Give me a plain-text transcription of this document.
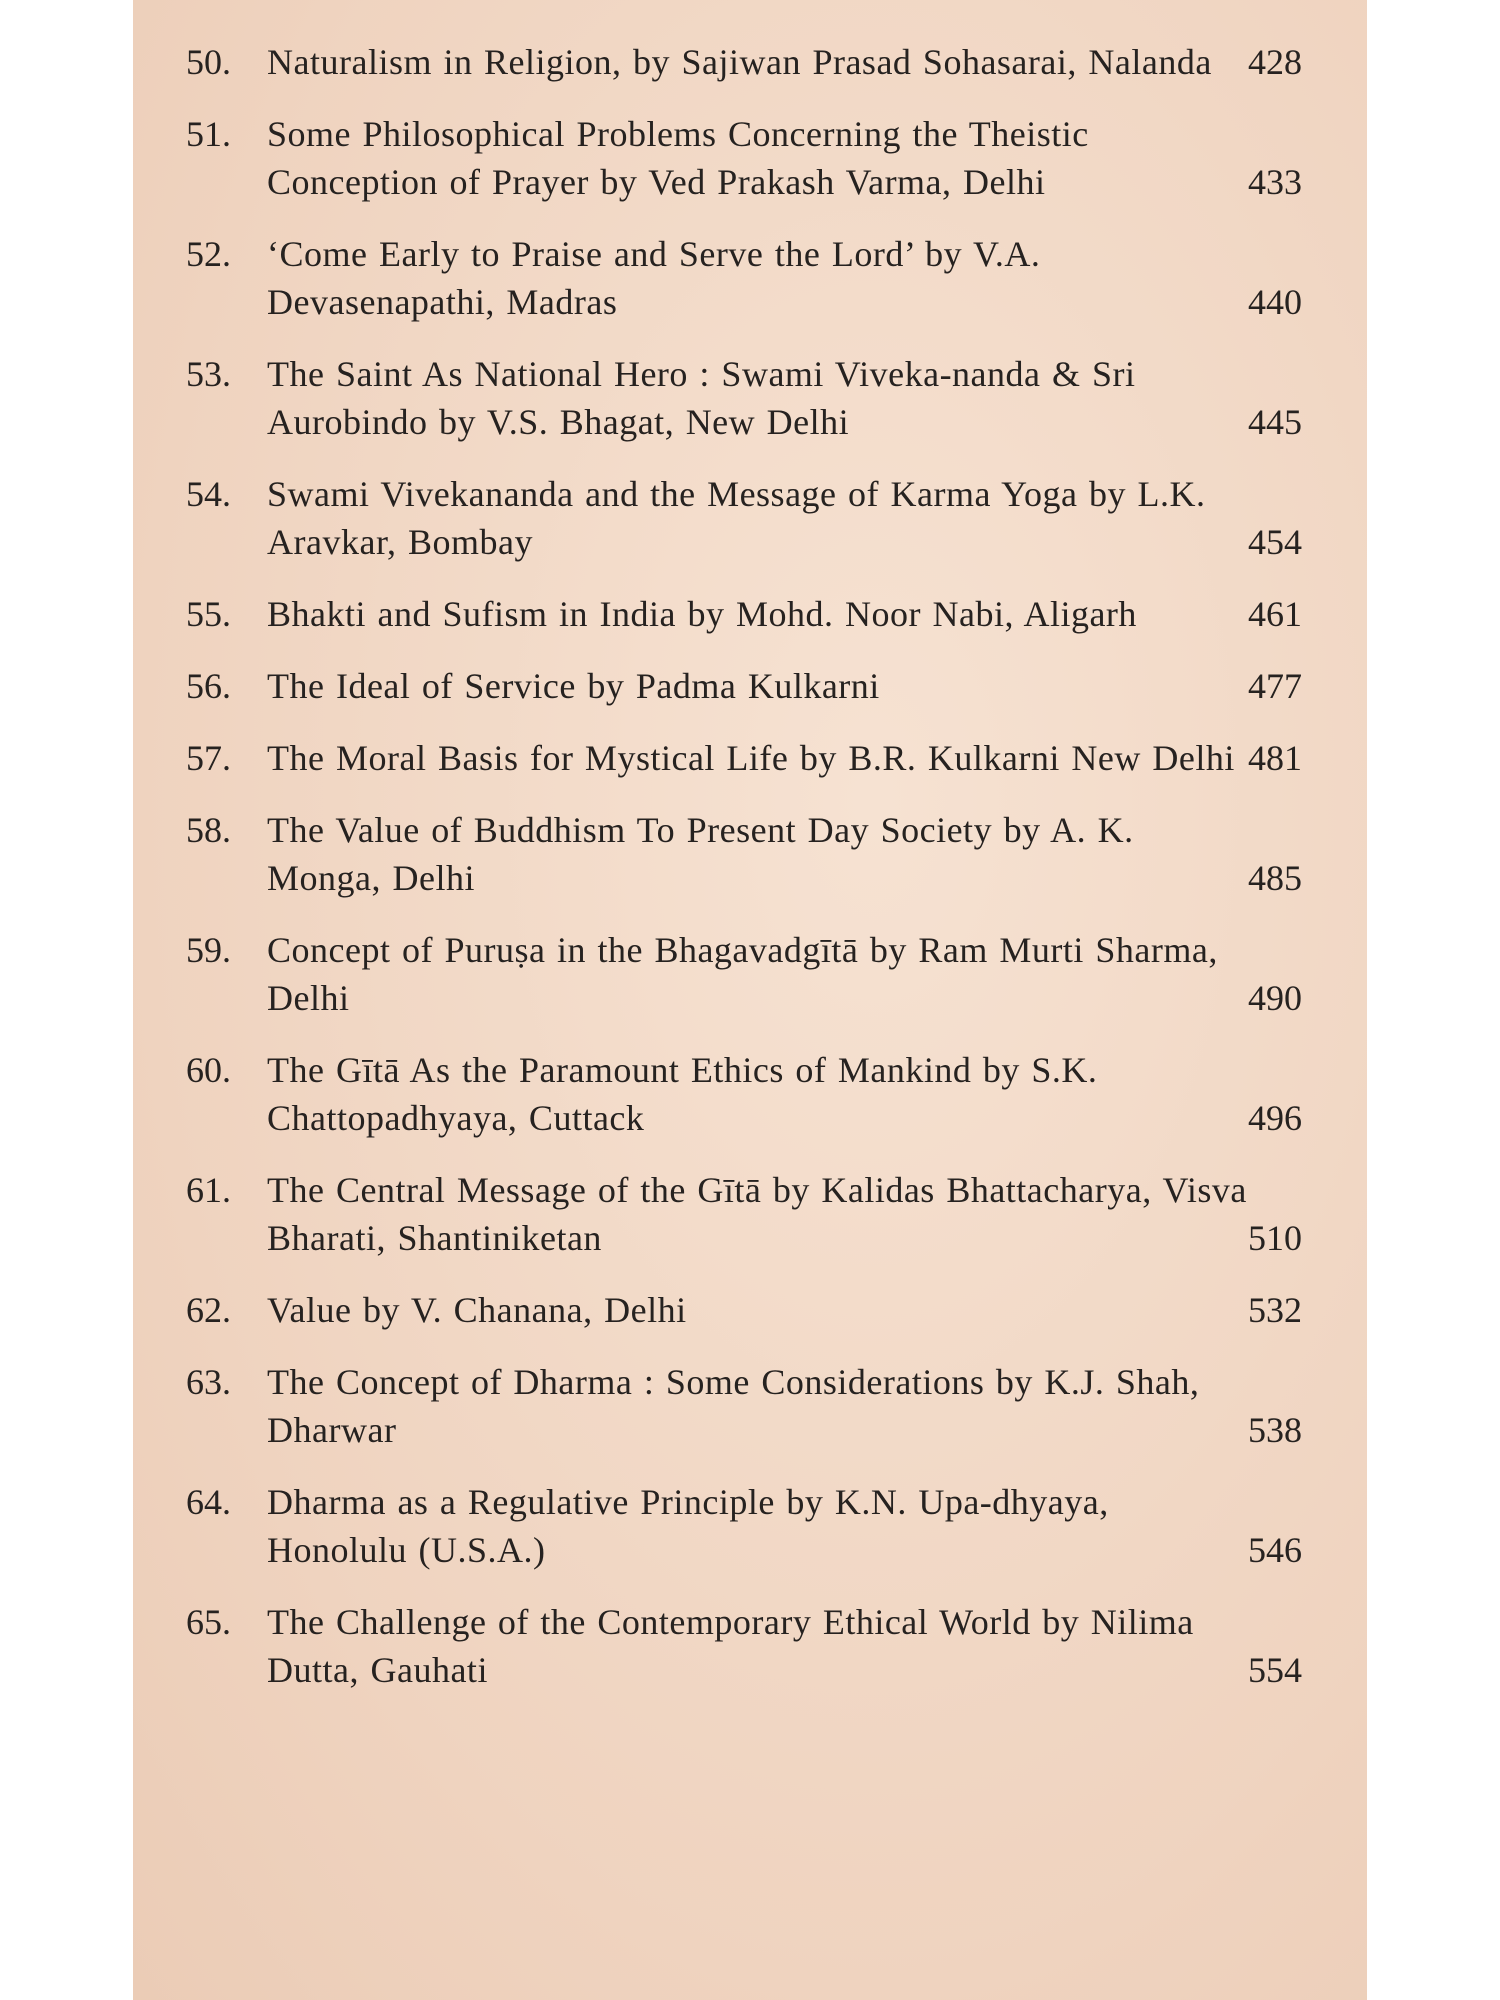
50.	Naturalism in Religion, by Sajiwan Prasad Sohasarai, Nalanda	428
51.	Some Philosophical Problems Concerning the Theistic Conception of Prayer by Ved Prakash Varma, Delhi	433
52.	‘Come Early to Praise and Serve the Lord’ by V.A. Devasenapathi, Madras	440
53.	The Saint As National Hero : Swami Viveka-nanda & Sri Aurobindo by V.S. Bhagat, New Delhi	445
54.	Swami Vivekananda and the Message of Karma Yoga by L.K. Aravkar, Bombay	454
55.	Bhakti and Sufism in India by Mohd. Noor Nabi, Aligarh	461
56.	The Ideal of Service by Padma Kulkarni	477
57.	The Moral Basis for Mystical Life by B.R. Kulkarni New Delhi 481
58.	The Value of Buddhism To Present Day Society by A. K. Monga, Delhi	485
59.	Concept of Puruṣa in the Bhagavadgītā by Ram Murti Sharma, Delhi	490
60.	The Gītā As the Paramount Ethics of Mankind by S.K. Chattopadhyaya, Cuttack	496
61.	The Central Message of the Gītā by Kalidas Bhattacharya, Visva Bharati, Shantiniketan	510
62.	Value by V. Chanana, Delhi	532
63.	The Concept of Dharma : Some Considerations by K.J. Shah, Dharwar	538
64.	Dharma as a Regulative Principle by K.N. Upa-dhyaya, Honolulu (U.S.A.)	546
65.	The Challenge of the Contemporary Ethical World by Nilima Dutta, Gauhati	554
